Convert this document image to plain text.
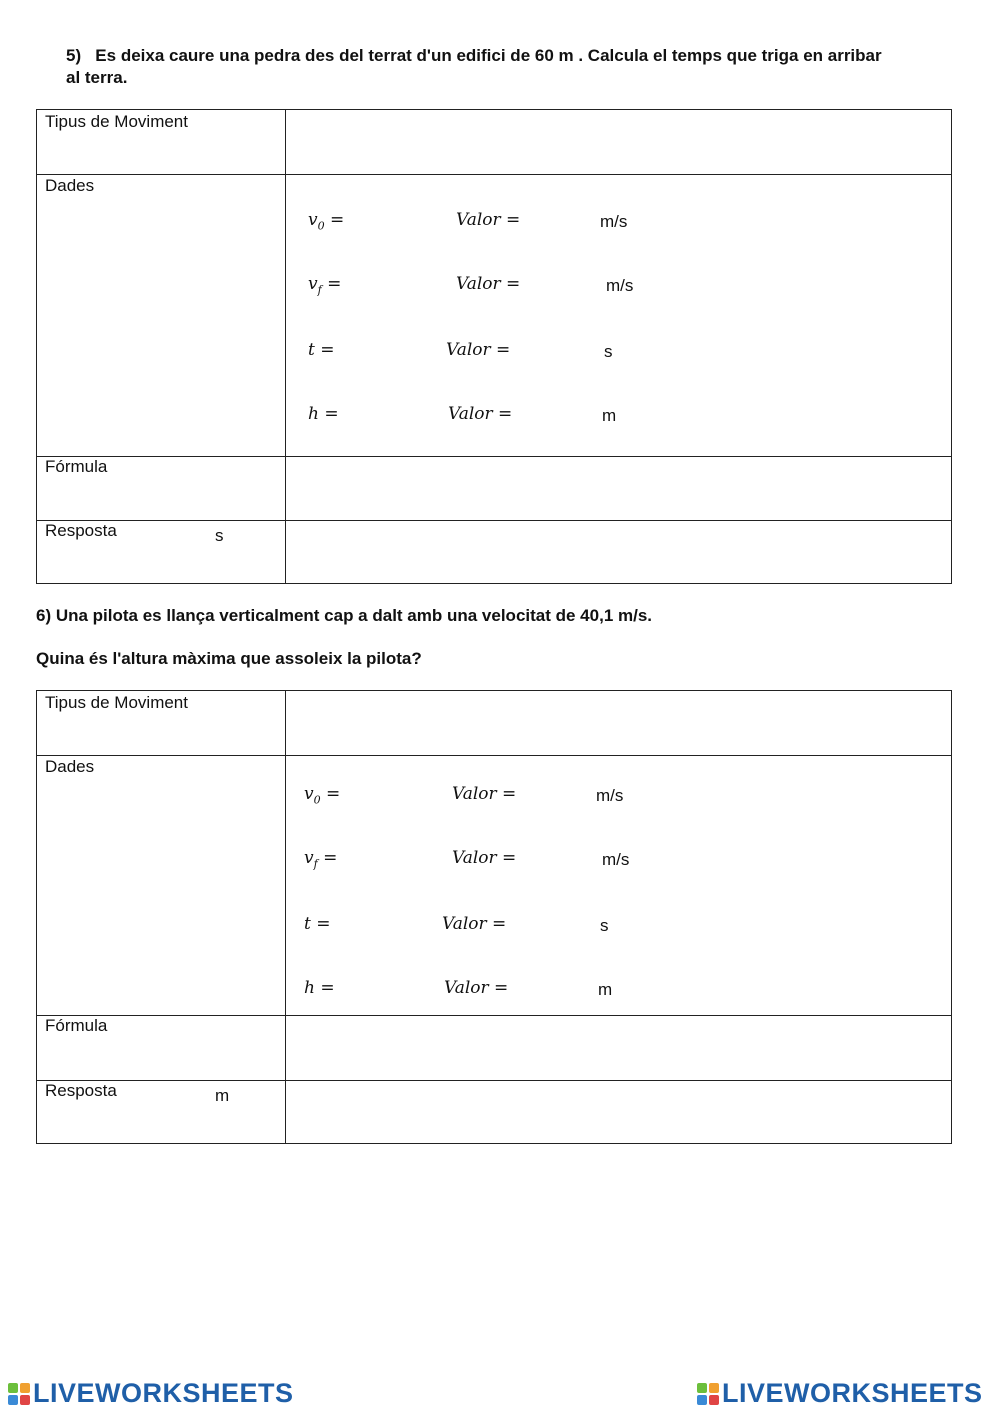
5) Es deixa caure una pedra des del terrat d'un edifici de 60 m . Calcula el temps que triga en arribar
al terra.
Tipus de Moviment
Dades
$v_0$ =	Valor =	m/s
$v_f$ =	Valor =	m/s
t =	Valor =	s
h =	Valor =	m
Fórmula
Resposta	s
6) Una pilota es llança verticalment cap a dalt amb una velocitat de 40,1 m/s.
Quina és l'altura màxima que assoleix la pilota?
Tipus de Moviment
Dades
$v_0$ =	Valor =	m/s
$v_f$ =	Valor =	m/s
t =	Valor =	s
h =	Valor =	m
Fórmula
Resposta	m
LIVEWORKSHEETS	LIVEWORKSHEETS
